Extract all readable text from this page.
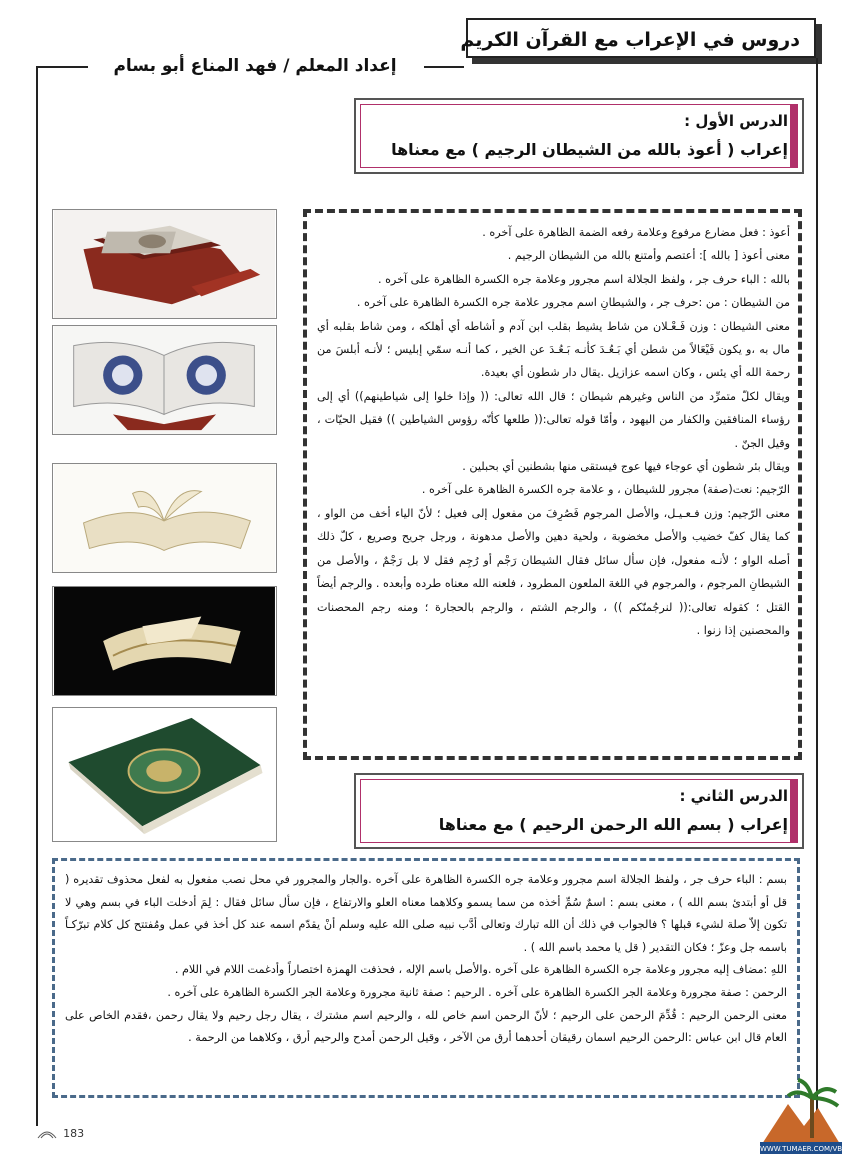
دروس في الإعراب مع القرآن الكريم
إعداد المعلم / فهد المناع أبو بسام
الدرس الأول :
إعراب ( أعوذ بالله من الشيطان الرجيم ) مع معناها

أعوذ : فعل مضارع مرفوع وعلامة رفعه الضمة الظاهرة على آخره .

معنى أعوذ [ بالله ]: أعتصم وأمتنع بالله من الشيطان الرجيم .

بالله : الباء حرف جر ، ولفظ الجلالة اسم مجرور وعلامة جره الكسرة الظاهرة على آخره .

من الشيطان : من :حرف جر ، والشيطانِ اسم مجرور علامة جره الكسرة الظاهرة على آخره .

معنى الشيطان : وزن فَـعْـلان من شاط يشيط بقلب ابن آدم و أشاطه أي أهلكه ، ومن شاط بقلبه أي مال به ،و يكون فَيْعَالاً من شطن أي بَـعُـدَ كأنـه بَـعُـدَ عن الخير ، كما أنـه سمّي إبليس ؛ لأنـه أبلسَ من رحمة الله أي يئس ، وكان اسمه عزازيل .يقال دار شطون أي بعيدة.

ويقال لكلّ متمرِّد من الناس وغيرهم شيطان ؛ قال الله تعالى: (( وإذا خلوا إلى شياطينهم)) أي إلى رؤساء المنافقين والكفار من اليهود ، وأمّا قوله تعالى:(( طلعها كأنّه رؤوس الشياطين )) فقيل الحيّات ، وقيل الجنّ .

ويقال بئر شطون أي عوجاء فيها عوج فيستقى منها بشطنين أي بحبلين .

الرّجيم: نعت(صفة) مجرور للشيطان ، و علامة جره الكسرة الظاهرة على آخره .

معنى الرّجيم: وزن فـعـيـل، والأصل المرجوم فَصُرِفَ من مفعول إلى فعيل ؛ لأنّ الياء أخف من الواو ، كما يقال كفّ خضيب والأصل مخضوبة ، ولحية دهين والأصل مدهونة ، ورجل جريح وصريع ، كلّ ذلك أصله الواو ؛ لأنـه مفعول، فإن سأل سائل فقال الشيطان رَجْم أو رُجِم فقل لا بل رَجْمٌ ، والأصل من الشيطانِ المرجوم ، والمرجوم في اللغة الملعون المطرود ، فلعنه الله معناه طرده وأبعده . والرجم أيضاً القتل ؛ كقوله تعالى:(( لنرجُمنّكم )) ، والرجم الشتم ، والرجم بالحجارة ؛ ومنه رجم المحصنات والمحصنين إذا زنوا .

الدرس الثاني :
إعراب ( بسم الله الرحمن الرحيم ) مع معناها

بسم : الباء حرف جر ، ولفظ الجلالة اسم مجرور وعلامة جره الكسرة الظاهرة على آخره .والجار والمجرور في محل نصب مفعول به لفعل محذوف تقديره ( قل أو أبتدئ بسم الله ) ، معنى بسم : اسمٌ سُمِّ أخذه من سما يسمو وكلاهما معناه العلو والارتفاع ، فإن سأل سائل فقال : لِمَ أدخلت الباء في بسم وهي لا تكون إلاّ صلة لشيء قبلها ؟ فالجواب في ذلك أن الله تبارك وتعالى أدَّب نبيه صلى الله عليه وسلم أنْ يقدّم اسمه عند كل أخذ في عمل ومُفتتح كل كلام تبرّكـاً باسمه جل وعزّ ؛ فكان التقدير ( قل يا محمد باسم الله ) .

اللهِ :مضاف إليه مجرور وعلامة جره الكسرة الظاهرة على آخره .والأصل باسم الإله ، فحذفت الهمزة اختصاراً وأدغمت اللام في اللام .

الرحمن : صفة مجرورة وعلامة الجر الكسرة الظاهرة على آخره . الرحيم : صفة ثانية مجرورة وعلامة الجر الكسرة الظاهرة على آخره .

معنى الرحمن الرحيم : قُدِّمَ الرحمن على الرحيم ؛ لأنّ الرحمن اسم خاص لله ، والرحيم اسم مشترك ، يقال رجل رحيم ولا يقال رحمن ،فقدم الخاص على العام قال ابن عباس :الرحمن الرحيم اسمان رقيقان أحدهما أرق من الآخر ، وقيل الرحمن أمدح والرحيم أرق ، وكلاهما من الرحمة .

183
WWW.TUMAER.COM/VB
